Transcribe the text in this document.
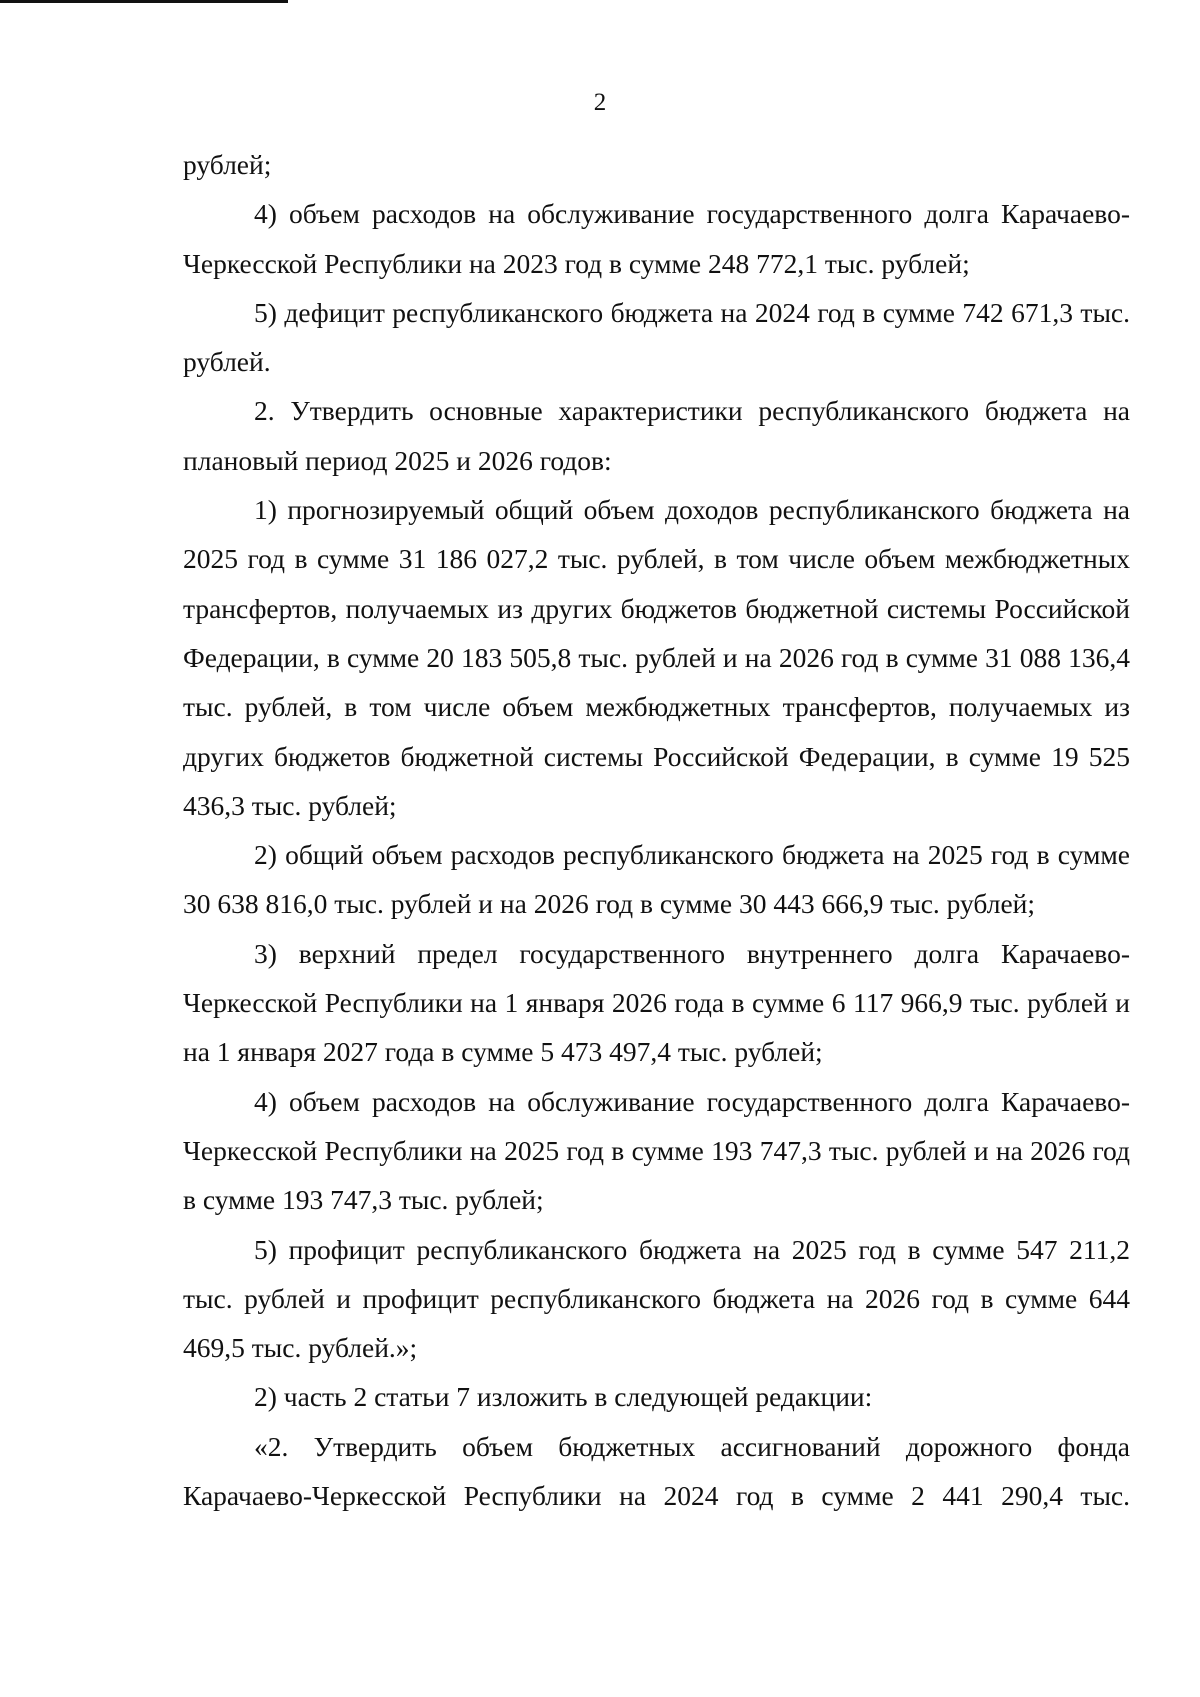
2

рублей;

4) объем расходов на обслуживание государственного долга Карачаево-Черкесской Республики на 2023 год в сумме 248 772,1 тыс. рублей;

5) дефицит республиканского бюджета на 2024 год в сумме 742 671,3 тыс. рублей.

2. Утвердить основные характеристики республиканского бюджета на плановый период 2025 и 2026 годов:

1) прогнозируемый общий объем доходов республиканского бюджета на 2025 год в сумме 31 186 027,2 тыс. рублей, в том числе объем межбюджетных трансфертов, получаемых из других бюджетов бюджетной системы Российской Федерации, в сумме 20 183 505,8 тыс. рублей и на 2026 год в сумме 31 088 136,4 тыс. рублей, в том числе объем межбюджетных трансфертов, получаемых из других бюджетов бюджетной системы Российской Федерации, в сумме 19 525 436,3 тыс. рублей;

2) общий объем расходов республиканского бюджета на 2025 год в сумме 30 638 816,0 тыс. рублей и на 2026 год в сумме 30 443 666,9 тыс. рублей;

3) верхний предел государственного внутреннего долга Карачаево-Черкесской Республики на 1 января 2026 года в сумме 6 117 966,9 тыс. рублей и на 1 января 2027 года в сумме 5 473 497,4 тыс. рублей;

4) объем расходов на обслуживание государственного долга Карачаево-Черкесской Республики на 2025 год в сумме 193 747,3 тыс. рублей и на 2026 год в сумме 193 747,3 тыс. рублей;

5) профицит республиканского бюджета на 2025 год в сумме 547 211,2 тыс. рублей и профицит республиканского бюджета на 2026 год в сумме 644 469,5 тыс. рублей.»;

2) часть 2 статьи 7 изложить в следующей редакции:

«2. Утвердить объем бюджетных ассигнований дорожного фонда Карачаево-Черкесской Республики на 2024 год в сумме 2 441 290,4 тыс.
